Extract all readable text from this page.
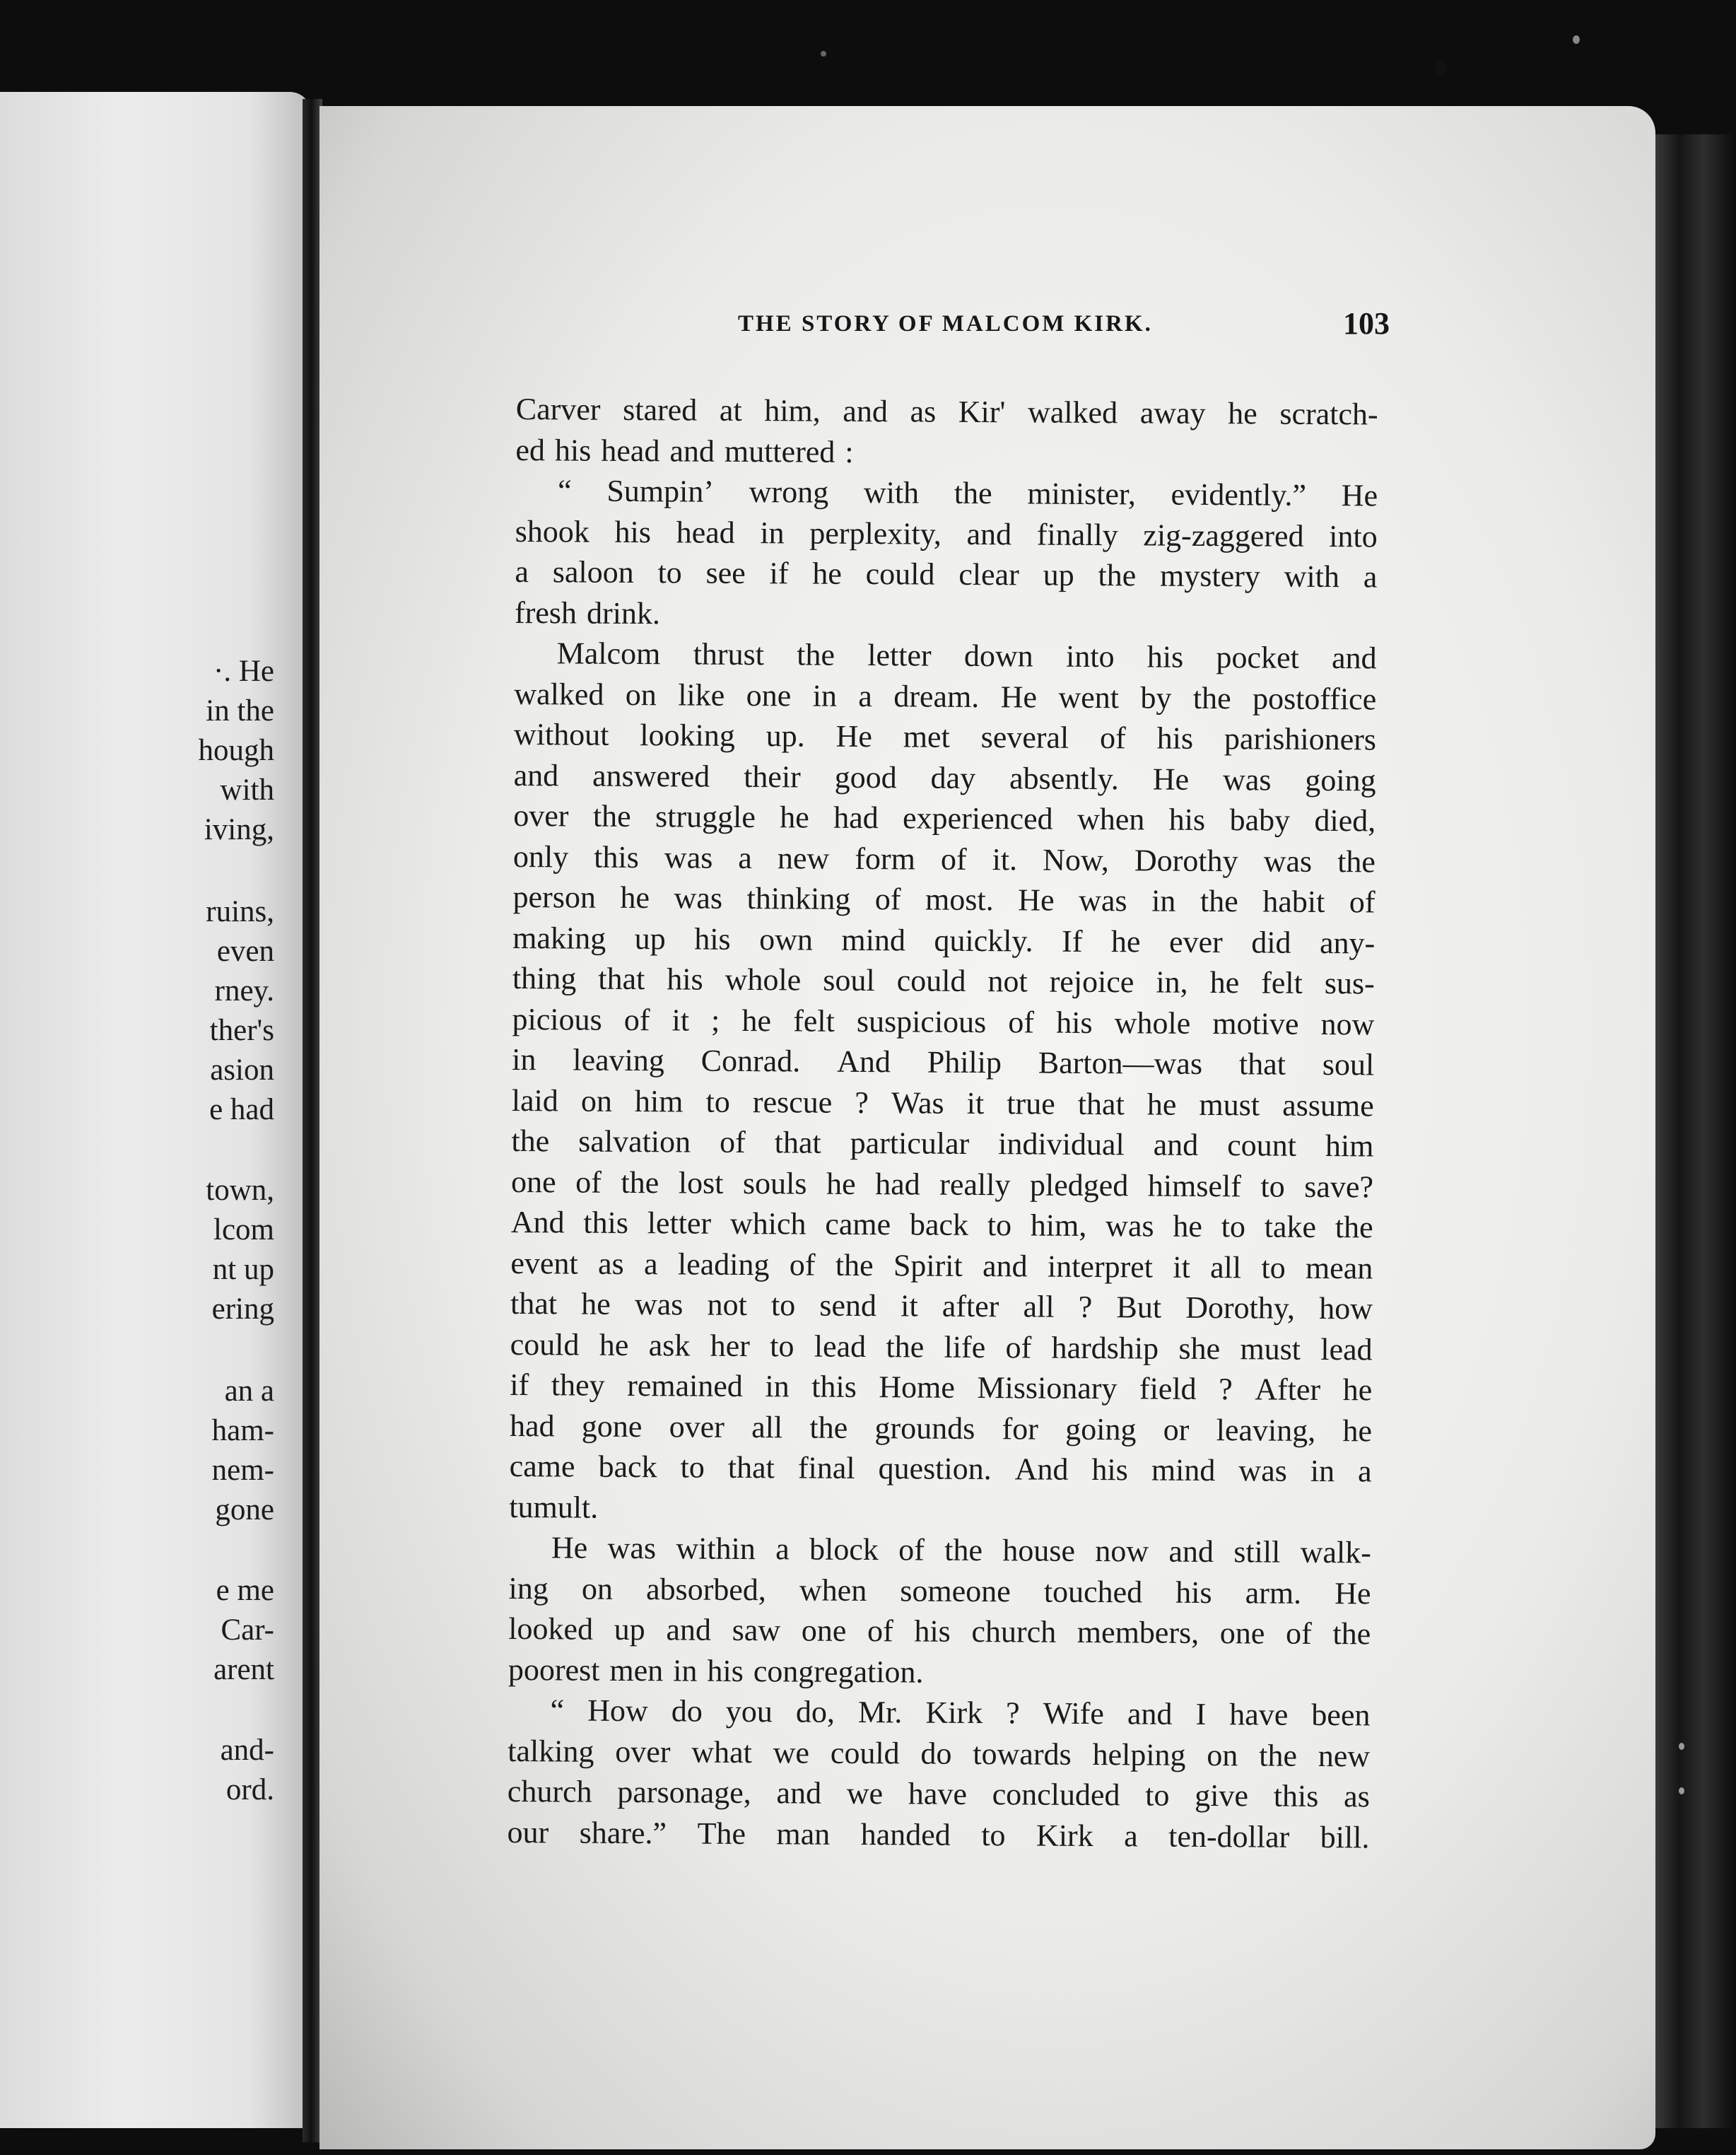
·. He
in the
hough
with
iving,
ruins,
even
rney.
ther's
asion
e had
town,
lcom
nt up
ering
an a
ham-
nem-
gone
e me
Car-
arent
and-
ord.
THE STORY OF MALCOM KIRK.	103
Carver stared at him, and as Kir' walked away he scratch-
ed his head and muttered :
“ Sumpin’ wrong with the minister, evidently.” He
shook his head in perplexity, and finally zig-zaggered into
a saloon to see if he could clear up the mystery with a
fresh drink.
Malcom thrust the letter down into his pocket and
walked on like one in a dream. He went by the postoffice
without looking up. He met several of his parishioners
and answered their good day absently. He was going
over the struggle he had experienced when his baby died,
only this was a new form of it. Now, Dorothy was the
person he was thinking of most. He was in the habit of
making up his own mind quickly. If he ever did any-
thing that his whole soul could not rejoice in, he felt sus-
picious of it ; he felt suspicious of his whole motive now
in leaving Conrad. And Philip Barton—was that soul
laid on him to rescue ? Was it true that he must assume
the salvation of that particular individual and count him
one of the lost souls he had really pledged himself to save?
And this letter which came back to him, was he to take the
event as a leading of the Spirit and interpret it all to mean
that he was not to send it after all ? But Dorothy, how
could he ask her to lead the life of hardship she must lead
if they remained in this Home Missionary field ? After he
had gone over all the grounds for going or leaving, he
came back to that final question. And his mind was in a
tumult.
He was within a block of the house now and still walk-
ing on absorbed, when someone touched his arm. He
looked up and saw one of his church members, one of the
poorest men in his congregation.
“ How do you do, Mr. Kirk ? Wife and I have been
talking over what we could do towards helping on the new
church parsonage, and we have concluded to give this as
our share.” The man handed to Kirk a ten-dollar bill.
